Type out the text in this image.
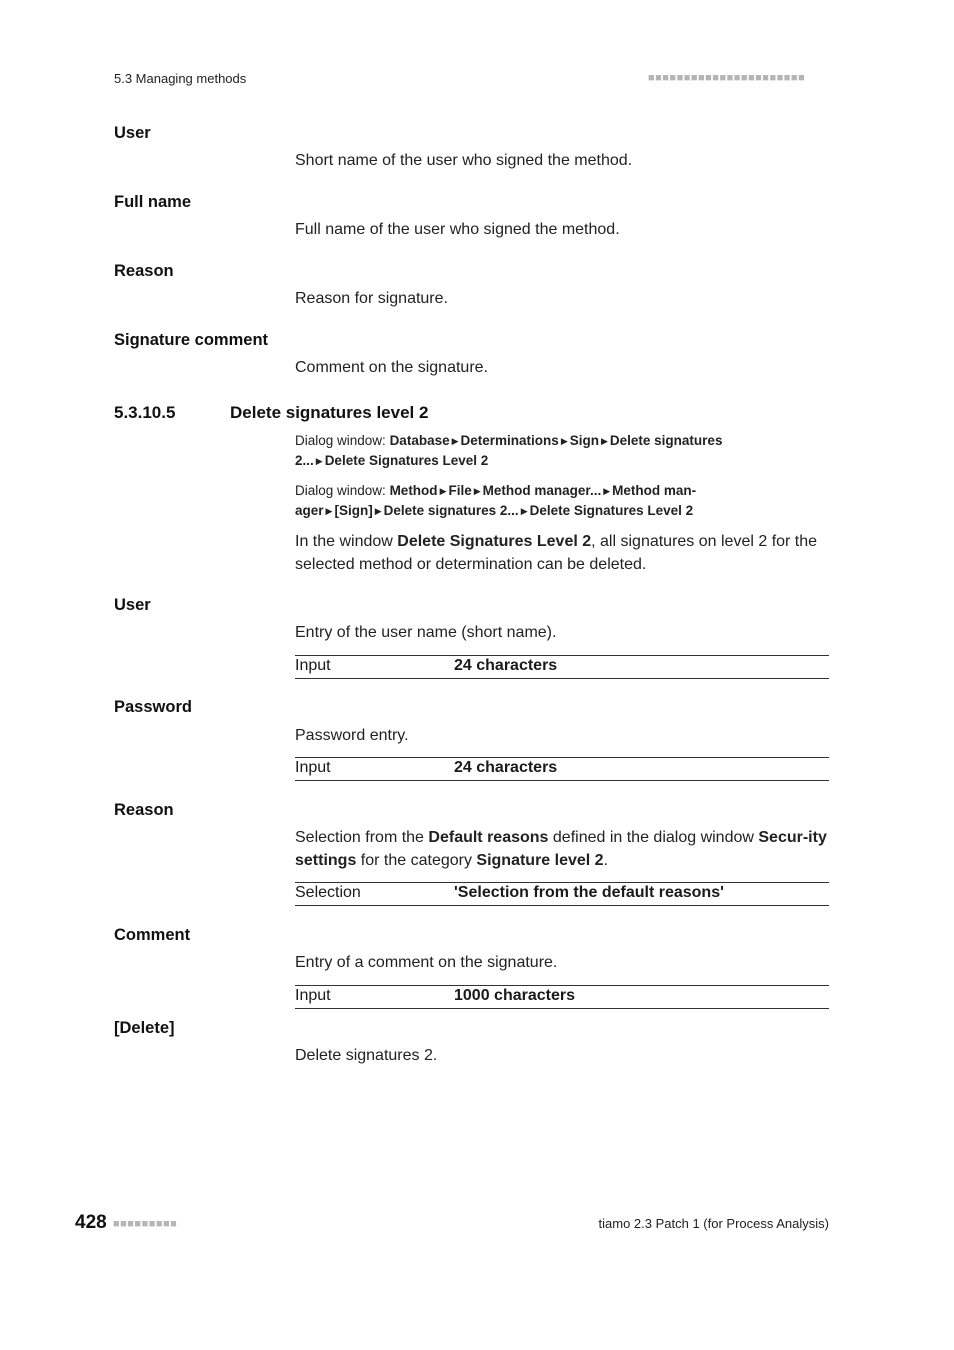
5.3 Managing methods	■■■■■■■■■■■■■■■■■■■■■■
User
Short name of the user who signed the method.
Full name
Full name of the user who signed the method.
Reason
Reason for signature.
Signature comment
Comment on the signature.
5.3.10.5	Delete signatures level 2
Dialog window: Database ▶ Determinations ▶ Sign ▶ Delete signatures
2... ▶ Delete Signatures Level 2
Dialog window: Method ▶ File ▶ Method manager... ▶ Method man-
ager ▶ [Sign] ▶ Delete signatures 2... ▶ Delete Signatures Level 2
In the window Delete Signatures Level 2, all signatures on level 2 for the selected method or determination can be deleted.
User
Entry of the user name (short name).
Input	24 characters
Password
Password entry.
Input	24 characters
Reason
Selection from the Default reasons defined in the dialog window Secur-ity settings for the category Signature level 2.
Selection	'Selection from the default reasons'
Comment
Entry of a comment on the signature.
Input	1000 characters
[Delete]
Delete signatures 2.
428 ■■■■■■■■■	tiamo 2.3 Patch 1 (for Process Analysis)
